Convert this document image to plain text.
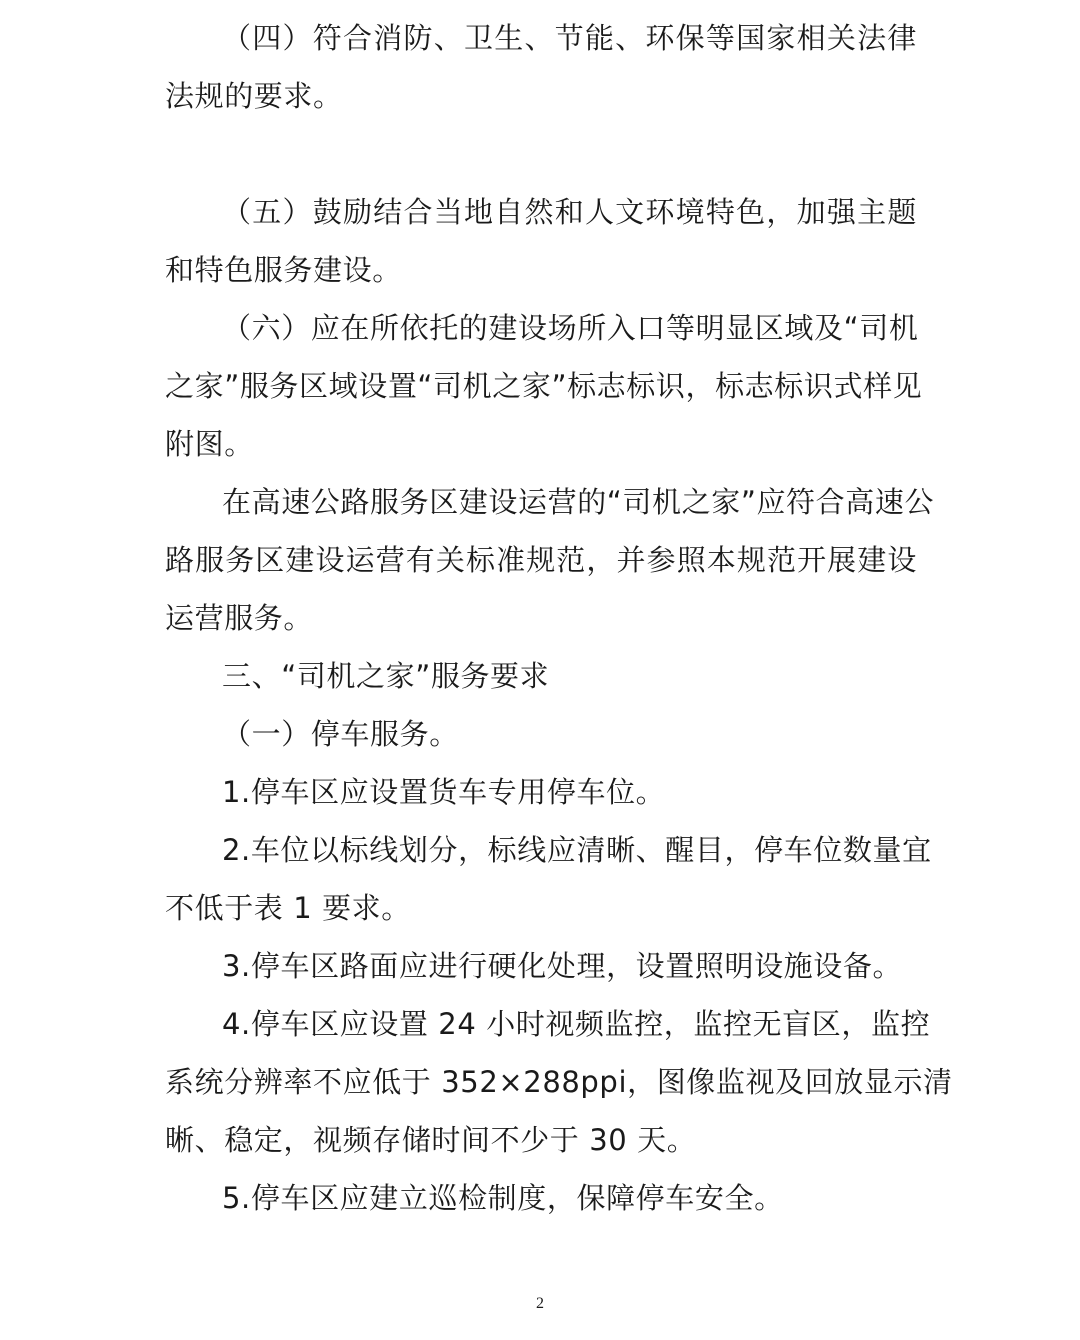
（四）符合消防、卫生、节能、环保等国家相关法律
法规的要求。
（五）鼓励结合当地自然和人文环境特色，加强主题
和特色服务建设。
（六）应在所依托的建设场所入口等明显区域及“司机
之家”服务区域设置“司机之家”标志标识，标志标识式样见
附图。
在高速公路服务区建设运营的“司机之家”应符合高速公
路服务区建设运营有关标准规范，并参照本规范开展建设
运营服务。
三、“司机之家”服务要求
（一）停车服务。
1.停车区应设置货车专用停车位。
2.车位以标线划分，标线应清晰、醒目，停车位数量宜
不低于表 1 要求。
3.停车区路面应进行硬化处理，设置照明设施设备。
4.停车区应设置 24 小时视频监控，监控无盲区，监控
系统分辨率不应低于 352×288ppi，图像监视及回放显示清
晰、稳定，视频存储时间不少于 30 天。
5.停车区应建立巡检制度，保障停车安全。
2
